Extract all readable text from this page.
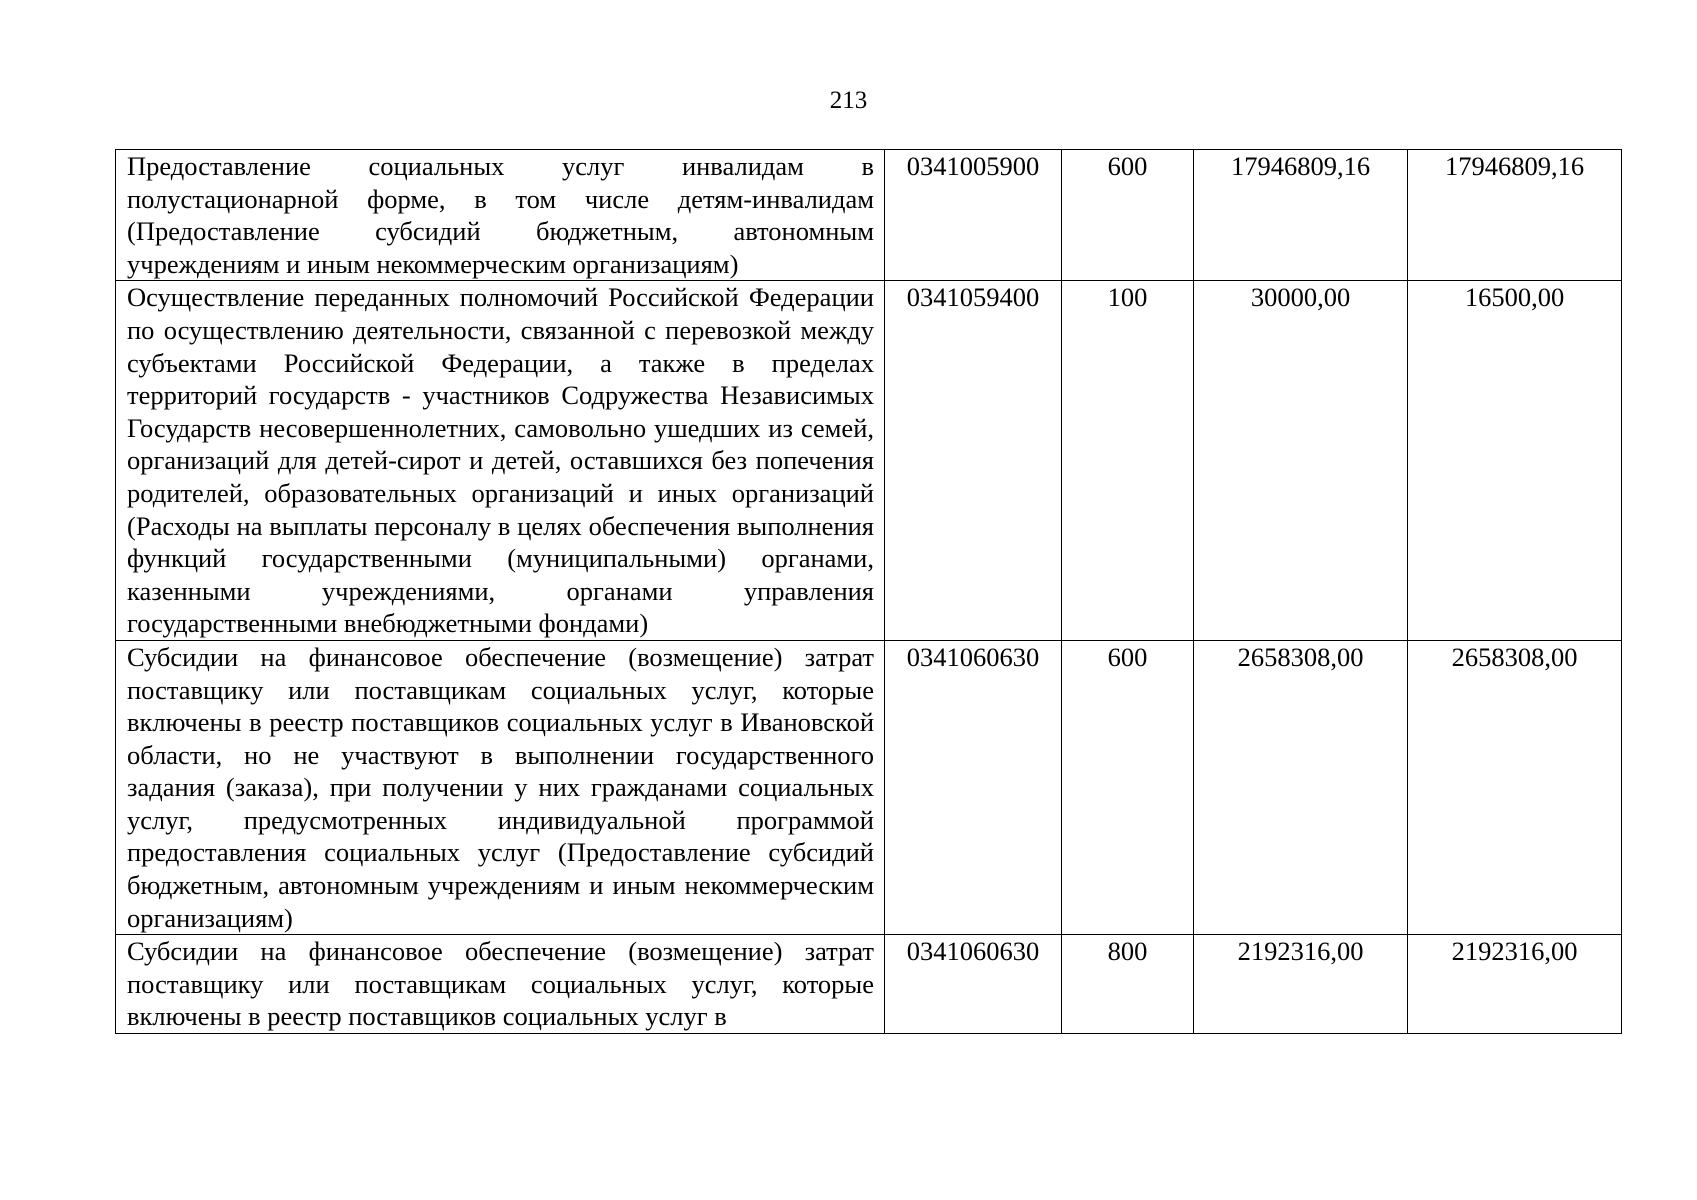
213
Предоставление социальных услуг инвалидам в полустационарной форме, в том числе детям-инвалидам (Предоставление субсидий бюджетным, автономным учреждениям и иным некоммерческим организациям)	0341005900	600	17946809,16	17946809,16
Осуществление переданных полномочий Российской Федерации по осуществлению деятельности, связанной с перевозкой между субъектами Российской Федерации, а также в пределах территорий государств - участников Содружества Независимых Государств несовершеннолетних, самовольно ушедших из семей, организаций для детей-сирот и детей, оставшихся без попечения родителей, образовательных организаций и иных организаций (Расходы на выплаты персоналу в целях обеспечения выполнения функций государственными (муниципальными) органами, казенными учреждениями, органами управления государственными внебюджетными фондами)	0341059400	100	30000,00	16500,00
Субсидии на финансовое обеспечение (возмещение) затрат поставщику или поставщикам социальных услуг, которые включены в реестр поставщиков социальных услуг в Ивановской области, но не участвуют в выполнении государственного задания (заказа), при получении у них гражданами социальных услуг, предусмотренных индивидуальной программой предоставления социальных услуг (Предоставление субсидий бюджетным, автономным учреждениям и иным некоммерческим организациям)	0341060630	600	2658308,00	2658308,00
Субсидии на финансовое обеспечение (возмещение) затрат поставщику или поставщикам социальных услуг, которые включены в реестр поставщиков социальных услуг в	0341060630	800	2192316,00	2192316,00
